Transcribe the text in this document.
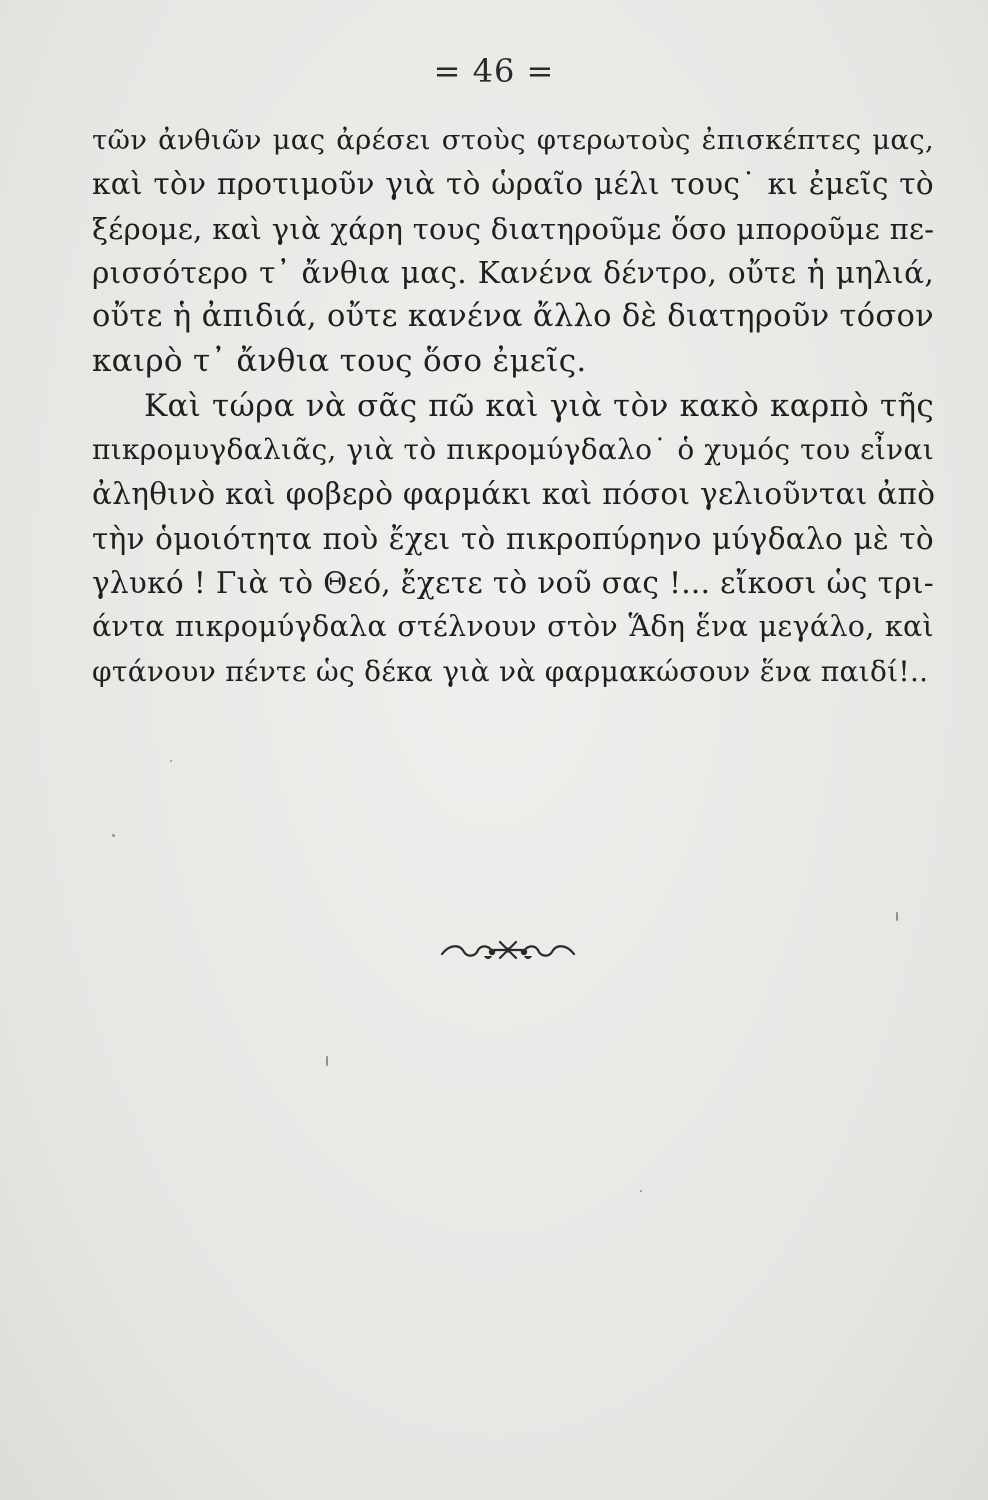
= 46 =
τῶν ἀνθιῶν μας ἀρέσει στοὺς φτερωτοὺς ἐπισκέπτες μας,
καὶ τὸν προτιμοῦν γιὰ τὸ ὡραῖο μέλι τους˙ κι ἐμεῖς τὸ
ξέρομε, καὶ γιὰ χάρη τους διατηροῦμε ὅσο μποροῦμε πε-
ρισσότερο τ᾿ ἄνθια μας. Κανένα δέντρο, οὔτε ἡ μηλιά,
οὔτε ἡ ἀπιδιά, οὔτε κανένα ἄλλο δὲ διατηροῦν τόσον
καιρὸ τ᾿ ἄνθια τους ὅσο ἐμεῖς.
Καὶ τώρα νὰ σᾶς πῶ καὶ γιὰ τὸν κακὸ καρπὸ τῆς
πικρομυγδαλιᾶς, γιὰ τὸ πικρομύγδαλο˙ ὁ χυμός του εἶναι
ἀληθινὸ καὶ φοβερὸ φαρμάκι καὶ πόσοι γελιοῦνται ἀπὸ
τὴν ὁμοιότητα ποὺ ἔχει τὸ πικροπύρηνο μύγδαλο μὲ τὸ
γλυκό ! Γιὰ τὸ Θεό, ἔχετε τὸ νοῦ σας !... εἴκοσι ὡς τρι-
άντα πικρομύγδαλα στέλνουν στὸν Ἅδη ἕνα μεγάλο, καὶ
φτάνουν πέντε ὡς δέκα γιὰ νὰ φαρμακώσουν ἕνα παιδί!..
